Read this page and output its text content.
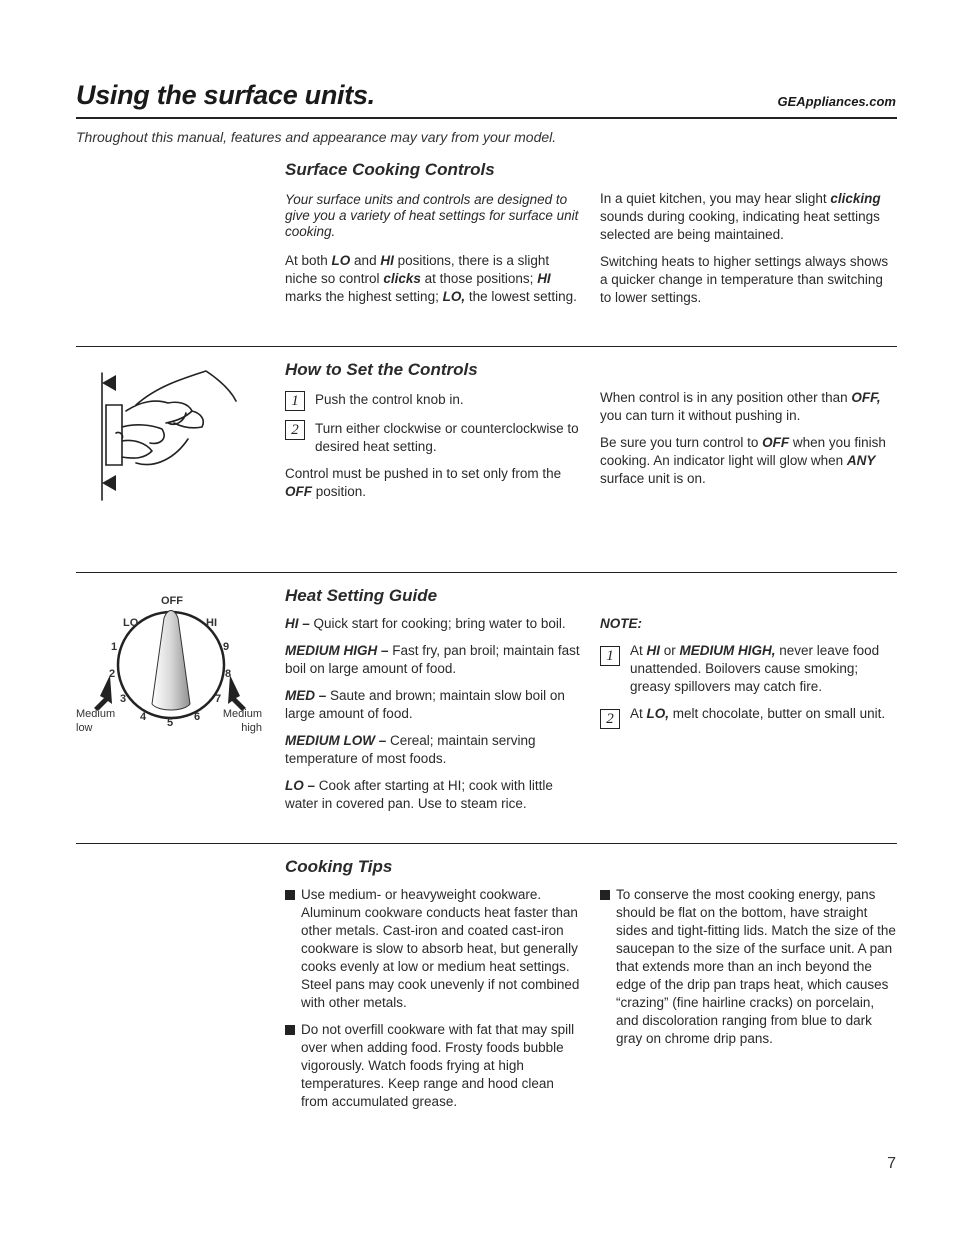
Using the surface units.	GEAppliances.com
Throughout this manual, features and appearance may vary from your model.
Surface Cooking Controls

Your surface units and controls are designed to give you a variety of heat settings for surface unit cooking.

At both LO and HI positions, there is a slight niche so control clicks at those positions; HI marks the highest setting; LO, the lowest setting.

In a quiet kitchen, you may hear slight clicking sounds during cooking, indicating heat settings selected are being maintained.

Switching heats to higher settings always shows a quicker change in temperature than switching to lower settings.

How to Set the Controls
1	Push the control knob in.

2	Turn either clockwise or counterclockwise to desired heat setting.

Control must be pushed in to set only from the OFF position.

When control is in any position other than OFF, you can turn it without pushing in.

Be sure you turn control to OFF when you finish cooking. An indicator light will glow when ANY surface unit is on.

OFF
LO	HI
1
2
3
4 5 6
7
8
9
Medium low
Medium high
Heat Setting Guide

HI – Quick start for cooking; bring water to boil.

MEDIUM HIGH – Fast fry, pan broil; maintain fast boil on large amount of food.

MED – Saute and brown; maintain slow boil on large amount of food.

MEDIUM LOW – Cereal; maintain serving temperature of most foods.

LO – Cook after starting at HI; cook with little water in covered pan. Use to steam rice.

NOTE:

1	At HI or MEDIUM HIGH, never leave food unattended. Boilovers cause smoking; greasy spillovers may catch fire.

2	At LO, melt chocolate, butter on small unit.

Cooking Tips

Use medium- or heavyweight cookware. Aluminum cookware conducts heat faster than other metals. Cast-iron and coated cast-iron cookware is slow to absorb heat, but generally cooks evenly at low or medium heat settings. Steel pans may cook unevenly if not combined with other metals.

Do not overfill cookware with fat that may spill over when adding food. Frosty foods bubble vigorously. Watch foods frying at high temperatures. Keep range and hood clean from accumulated grease.

To conserve the most cooking energy, pans should be flat on the bottom, have straight sides and tight-fitting lids. Match the size of the saucepan to the size of the surface unit. A pan that extends more than an inch beyond the edge of the drip pan traps heat, which causes “crazing” (fine hairline cracks) on porcelain, and discoloration ranging from blue to dark gray on chrome drip pans.

7
